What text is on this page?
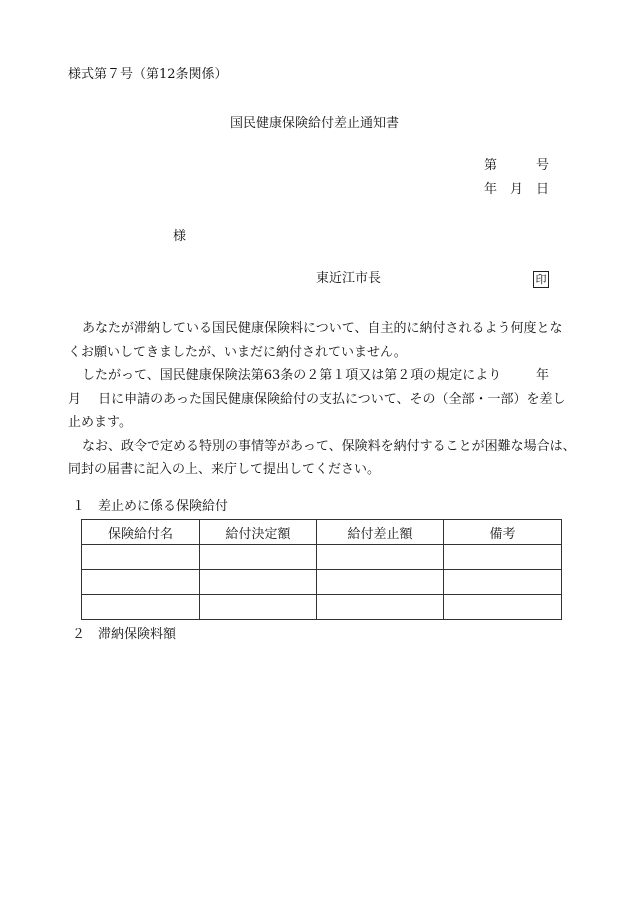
様式第７号（第12条関係）
国民健康保険給付差止通知書
第	号
年 月 日
様
東近江市長	印
あなたが滞納している国民健康保険料について、自主的に納付されるよう何度とな
くお願いしてきましたが、いまだに納付されていません。
したがって、国民健康保険法第63条の２第１項又は第２項の規定により	年
月　 日に申請のあった国民健康保険給付の支払について、その（全部・一部）を差し
止めます。
なお、政令で定める特別の事情等があって、保険料を納付することが困難な場合は、
同封の届書に記入の上、来庁して提出してください。
１　差止めに係る保険給付
保険給付名	給付決定額	給付差止額	備考

２　滞納保険料額
